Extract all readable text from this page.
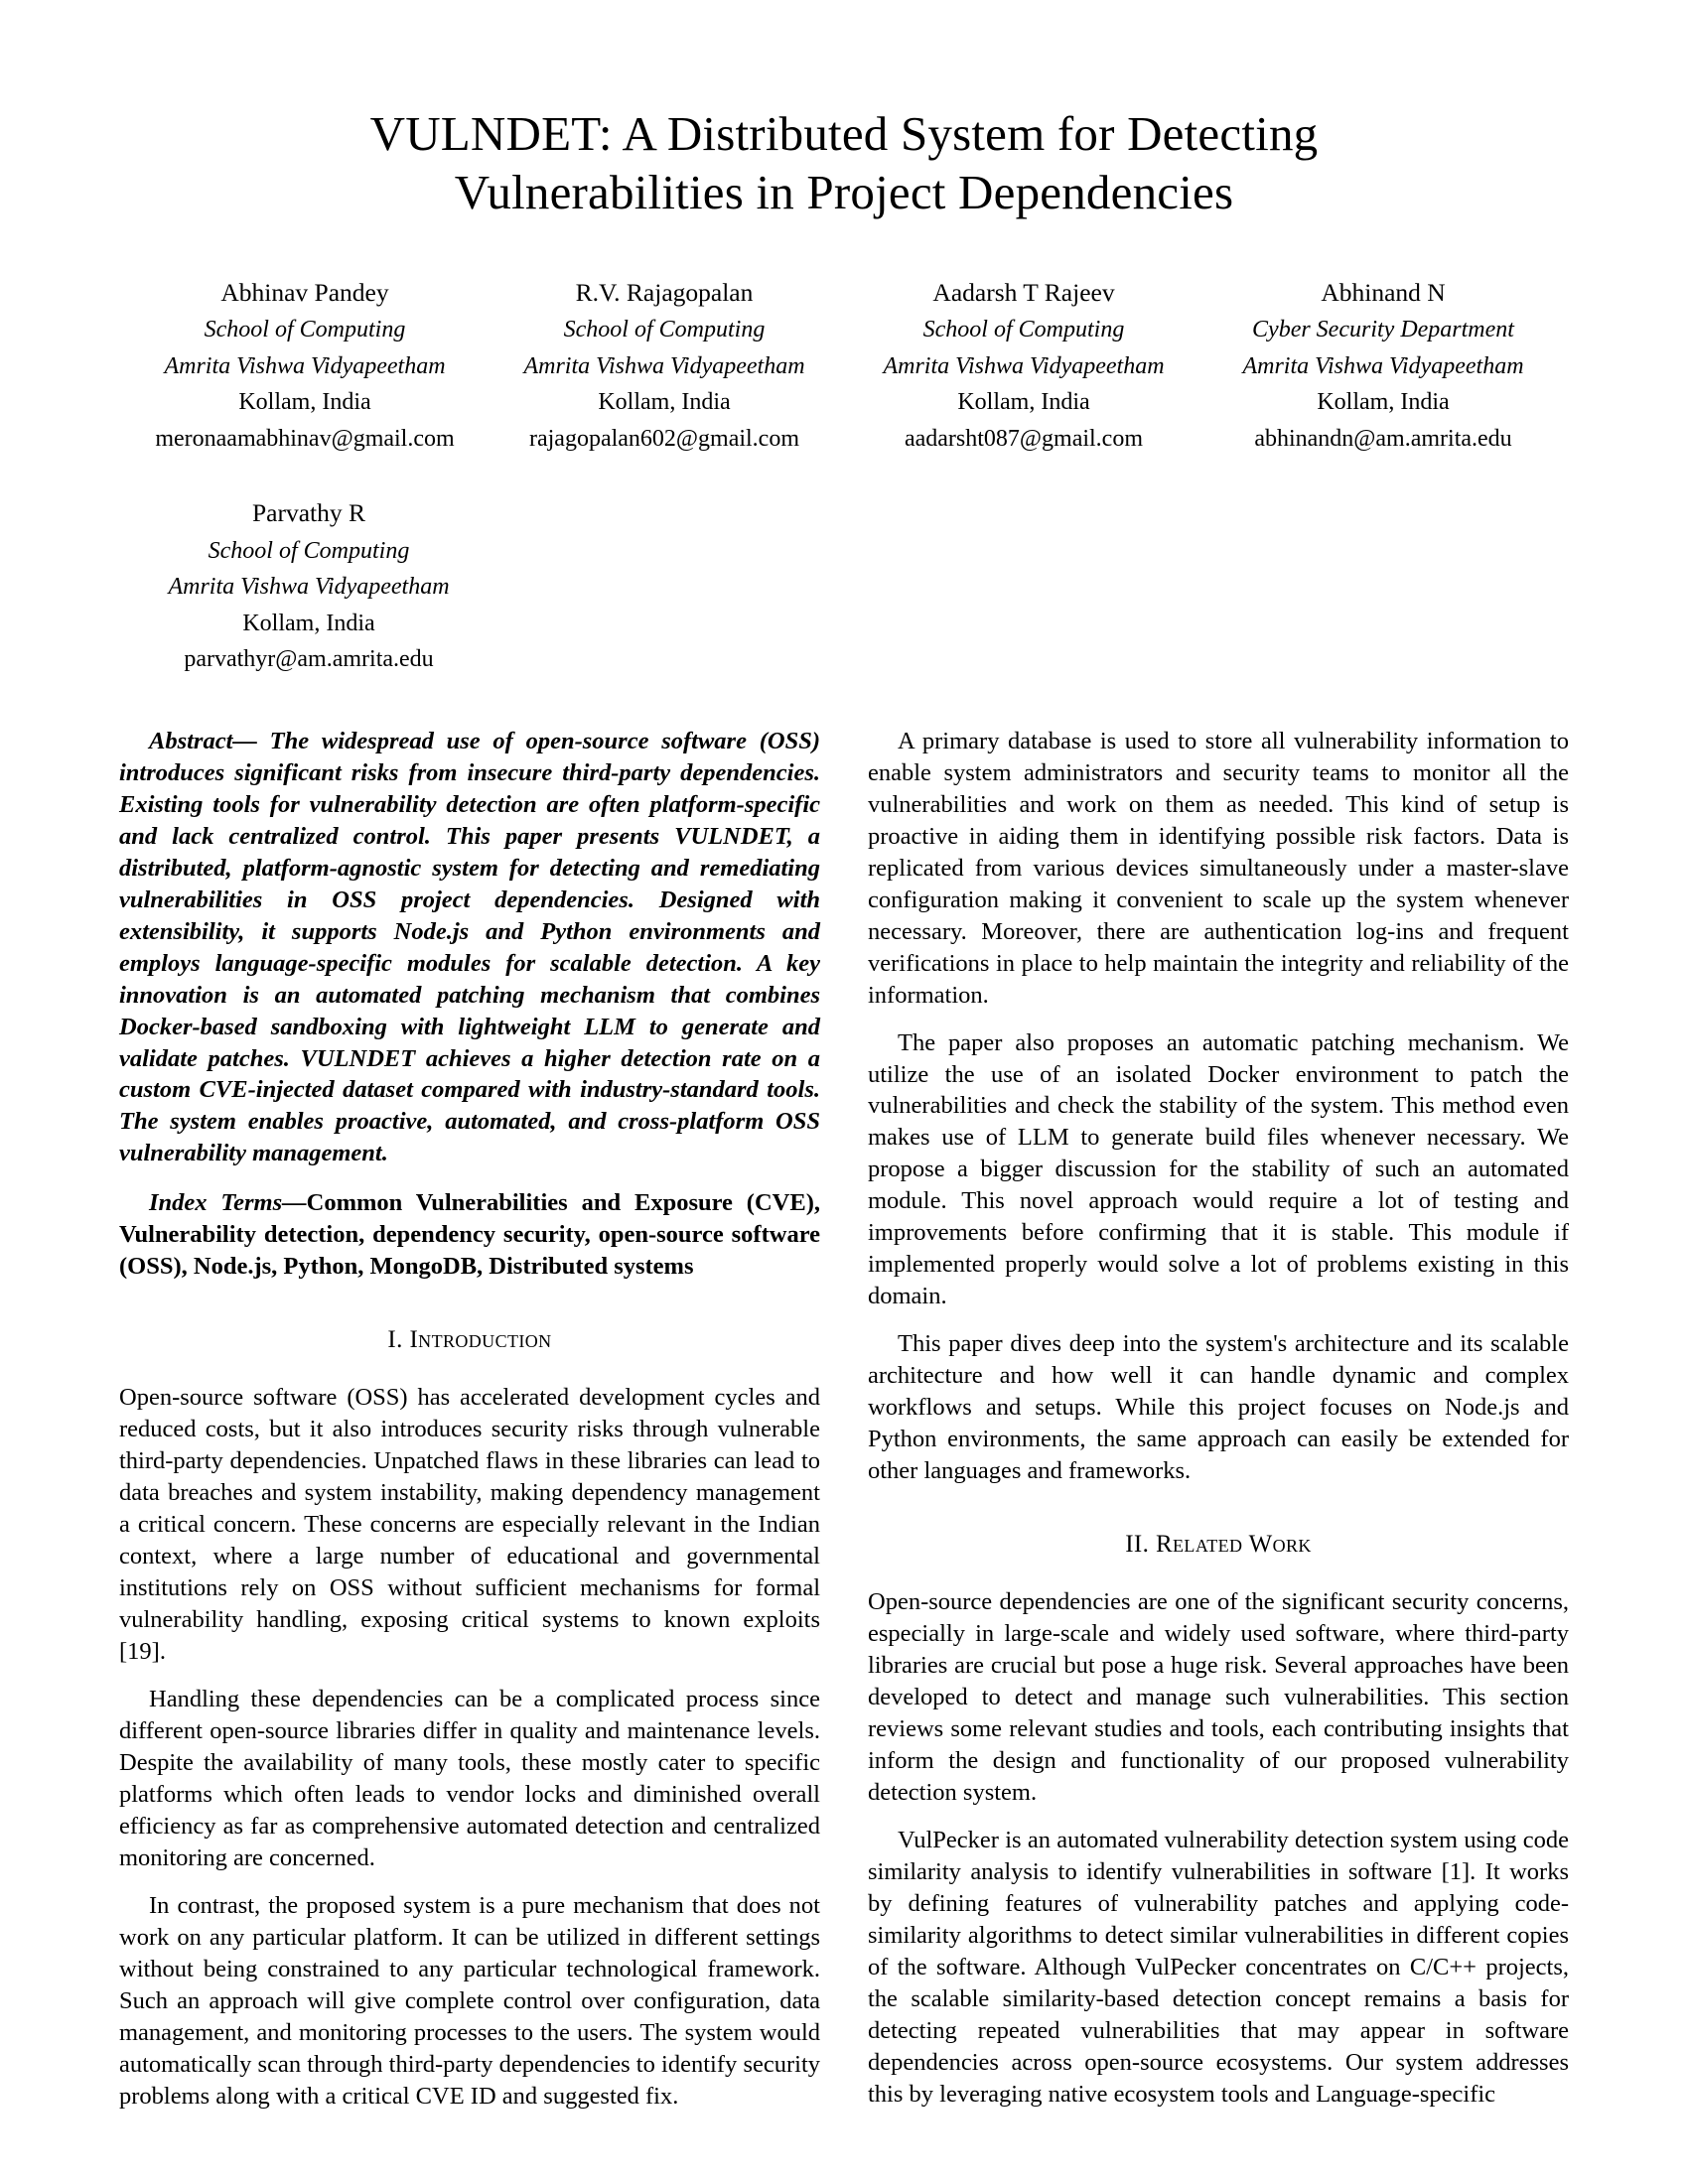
VULNDET: A Distributed System for Detecting
Vulnerabilities in Project Dependencies
Abhinav Pandey
School of Computing
Amrita Vishwa Vidyapeetham
Kollam, India
meronaamabhinav@gmail.com
R.V. Rajagopalan
School of Computing
Amrita Vishwa Vidyapeetham
Kollam, India
rajagopalan602@gmail.com
Aadarsh T Rajeev
School of Computing
Amrita Vishwa Vidyapeetham
Kollam, India
aadarsht087@gmail.com
Abhinand N
Cyber Security Department
Amrita Vishwa Vidyapeetham
Kollam, India
abhinandn@am.amrita.edu
Parvathy R
School of Computing
Amrita Vishwa Vidyapeetham
Kollam, India
parvathyr@am.amrita.edu

Abstract— The widespread use of open-source software (OSS) introduces significant risks from insecure third-party dependencies. Existing tools for vulnerability detection are often platform-specific and lack centralized control. This paper presents VULNDET, a distributed, platform-agnostic system for detecting and remediating vulnerabilities in OSS project dependencies. Designed with extensibility, it supports Node.js and Python environments and employs language-specific modules for scalable detection. A key innovation is an automated patching mechanism that combines Docker-based sandboxing with lightweight LLM to generate and validate patches. VULNDET achieves a higher detection rate on a custom CVE-injected dataset compared with industry-standard tools. The system enables proactive, automated, and cross-platform OSS vulnerability management.

Index Terms—Common Vulnerabilities and Exposure (CVE), Vulnerability detection, dependency security, open-source software (OSS), Node.js, Python, MongoDB, Distributed systems

I. Introduction

Open-source software (OSS) has accelerated development cycles and reduced costs, but it also introduces security risks through vulnerable third-party dependencies. Unpatched flaws in these libraries can lead to data breaches and system instability, making dependency management a critical concern. These concerns are especially relevant in the Indian context, where a large number of educational and governmental institutions rely on OSS without sufficient mechanisms for formal vulnerability handling, exposing critical systems to known exploits [19].

Handling these dependencies can be a complicated process since different open-source libraries differ in quality and maintenance levels. Despite the availability of many tools, these mostly cater to specific platforms which often leads to vendor locks and diminished overall efficiency as far as comprehensive automated detection and centralized monitoring are concerned.

In contrast, the proposed system is a pure mechanism that does not work on any particular platform. It can be utilized in different settings without being constrained to any particular technological framework. Such an approach will give complete control over configuration, data management, and monitoring processes to the users. The system would automatically scan through third-party dependencies to identify security problems along with a critical CVE ID and suggested fix.

A primary database is used to store all vulnerability information to enable system administrators and security teams to monitor all the vulnerabilities and work on them as needed. This kind of setup is proactive in aiding them in identifying possible risk factors. Data is replicated from various devices simultaneously under a master-slave configuration making it convenient to scale up the system whenever necessary. Moreover, there are authentication log-ins and frequent verifications in place to help maintain the integrity and reliability of the information.

The paper also proposes an automatic patching mechanism. We utilize the use of an isolated Docker environment to patch the vulnerabilities and check the stability of the system. This method even makes use of LLM to generate build files whenever necessary. We propose a bigger discussion for the stability of such an automated module. This novel approach would require a lot of testing and improvements before confirming that it is stable. This module if implemented properly would solve a lot of problems existing in this domain.

This paper dives deep into the system's architecture and its scalable architecture and how well it can handle dynamic and complex workflows and setups. While this project focuses on Node.js and Python environments, the same approach can easily be extended for other languages and frameworks.

II. Related Work

Open-source dependencies are one of the significant security concerns, especially in large-scale and widely used software, where third-party libraries are crucial but pose a huge risk. Several approaches have been developed to detect and manage such vulnerabilities. This section reviews some relevant studies and tools, each contributing insights that inform the design and functionality of our proposed vulnerability detection system.

VulPecker is an automated vulnerability detection system using code similarity analysis to identify vulnerabilities in software [1]. It works by defining features of vulnerability patches and applying code-similarity algorithms to detect similar vulnerabilities in different copies of the software. Although VulPecker concentrates on C/C++ projects, the scalable similarity-based detection concept remains a basis for detecting repeated vulnerabilities that may appear in software dependencies across open-source ecosystems. Our system addresses this by leveraging native ecosystem tools and Language-specific
